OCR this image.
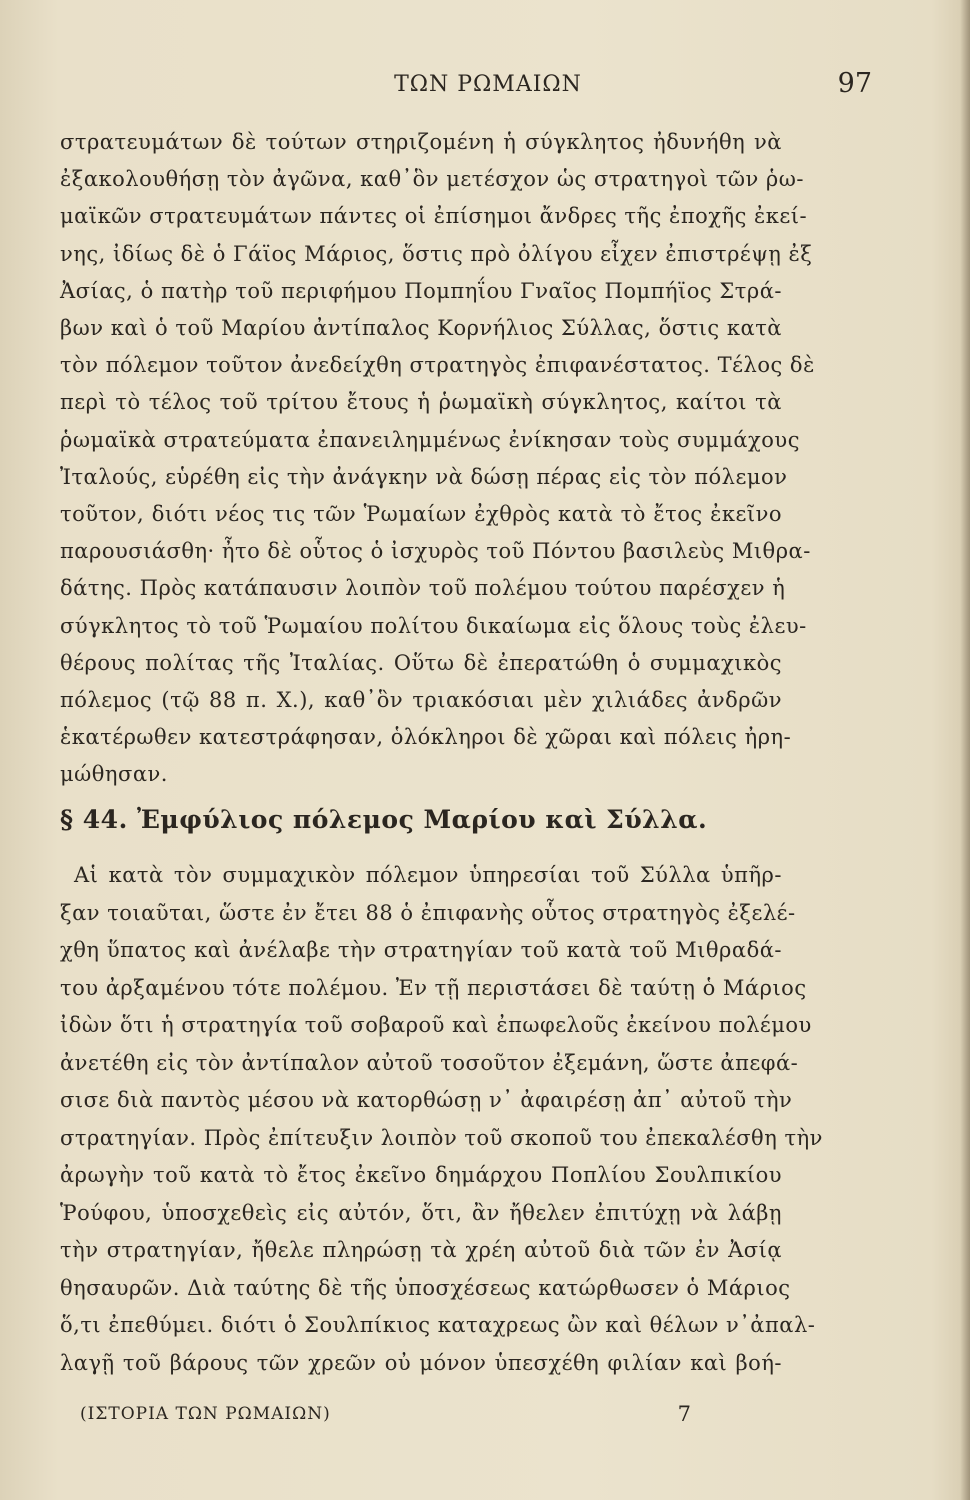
ΤΩΝ ΡΩΜΑΙΩΝ	97
στρατευμάτων δὲ τούτων στηριζομένη ἡ σύγκλητος ἠδυνήθη νὰ
ἐξακολουθήσῃ τὸν ἀγῶνα, καθ᾽ὃν μετέσχον ὡς στρατηγοὶ τῶν ῥω-
μαϊκῶν στρατευμάτων πάντες οἱ ἐπίσημοι ἄνδρες τῆς ἐποχῆς ἐκεί-
νης, ἰδίως δὲ ὁ Γάϊος Μάριος, ὅστις πρὸ ὀλίγου εἶχεν ἐπιστρέψῃ ἐξ
Ἀσίας, ὁ πατὴρ τοῦ περιφήμου Πομπηΐου Γναῖος Πομπήϊος Στρά-
βων καὶ ὁ τοῦ Μαρίου ἀντίπαλος Κορνήλιος Σύλλας, ὅστις κατὰ
τὸν πόλεμον τοῦτον ἀνεδείχθη στρατηγὸς ἐπιφανέστατος. Τέλος δὲ
περὶ τὸ τέλος τοῦ τρίτου ἔτους ἡ ῥωμαϊκὴ σύγκλητος, καίτοι τὰ
ῥωμαϊκὰ στρατεύματα ἐπανειλημμένως ἐνίκησαν τοὺς συμμάχους
Ἰταλούς, εὑρέθη εἰς τὴν ἀνάγκην νὰ δώσῃ πέρας εἰς τὸν πόλεμον
τοῦτον, διότι νέος τις τῶν Ῥωμαίων ἐχθρὸς κατὰ τὸ ἔτος ἐκεῖνο
παρουσιάσθη· ἦτο δὲ οὗτος ὁ ἰσχυρὸς τοῦ Πόντου βασιλεὺς Μιθρα-
δάτης. Πρὸς κατάπαυσιν λοιπὸν τοῦ πολέμου τούτου παρέσχεν ἡ
σύγκλητος τὸ τοῦ Ῥωμαίου πολίτου δικαίωμα εἰς ὅλους τοὺς ἐλευ-
θέρους πολίτας τῆς Ἰταλίας. Οὕτω δὲ ἐπερατώθη ὁ συμμαχικὸς
πόλεμος (τῷ 88 π. Χ.), καθ᾽ὃν τριακόσιαι μὲν χιλιάδες ἀνδρῶν
ἑκατέρωθεν κατεστράφησαν, ὁλόκληροι δὲ χῶραι καὶ πόλεις ἠρη-
μώθησαν.
§ 44. Ἐμφύλιος πόλεμος Μαρίου καὶ Σύλλα.
Αἱ κατὰ τὸν συμμαχικὸν πόλεμον ὑπηρεσίαι τοῦ Σύλλα ὑπῆρ-
ξαν τοιαῦται, ὥστε ἐν ἔτει 88 ὁ ἐπιφανὴς οὗτος στρατηγὸς ἐξελέ-
χθη ὕπατος καὶ ἀνέλαβε τὴν στρατηγίαν τοῦ κατὰ τοῦ Μιθραδά-
του ἀρξαμένου τότε πολέμου. Ἐν τῇ περιστάσει δὲ ταύτῃ ὁ Μάριος
ἰδὼν ὅτι ἡ στρατηγία τοῦ σοβαροῦ καὶ ἐπωφελοῦς ἐκείνου πολέμου
ἀνετέθη εἰς τὸν ἀντίπαλον αὐτοῦ τοσοῦτον ἐξεμάνη, ὥστε ἀπεφά-
σισε διὰ παντὸς μέσου νὰ κατορθώσῃ ν᾽ ἀφαιρέσῃ ἀπ᾽ αὐτοῦ τὴν
στρατηγίαν. Πρὸς ἐπίτευξιν λοιπὸν τοῦ σκοποῦ του ἐπεκαλέσθη τὴν
ἀρωγὴν τοῦ κατὰ τὸ ἔτος ἐκεῖνο δημάρχου Ποπλίου Σουλπικίου
Ῥούφου, ὑποσχεθεὶς εἰς αὐτόν, ὅτι, ἂν ἤθελεν ἐπιτύχῃ νὰ λάβῃ
τὴν στρατηγίαν, ἤθελε πληρώσῃ τὰ χρέη αὐτοῦ διὰ τῶν ἐν Ἀσίᾳ
θησαυρῶν. Διὰ ταύτης δὲ τῆς ὑποσχέσεως κατώρθωσεν ὁ Μάριος
ὅ,τι ἐπεθύμει. διότι ὁ Σουλπίκιος καταχρεως ὢν καὶ θέλων ν᾽ἀπαλ-
λαγῇ τοῦ βάρους τῶν χρεῶν οὐ μόνον ὑπεσχέθη φιλίαν καὶ βοή-
(ΙΣΤΟΡΙΑ ΤΩΝ ΡΩΜΑΙΩΝ)	7
